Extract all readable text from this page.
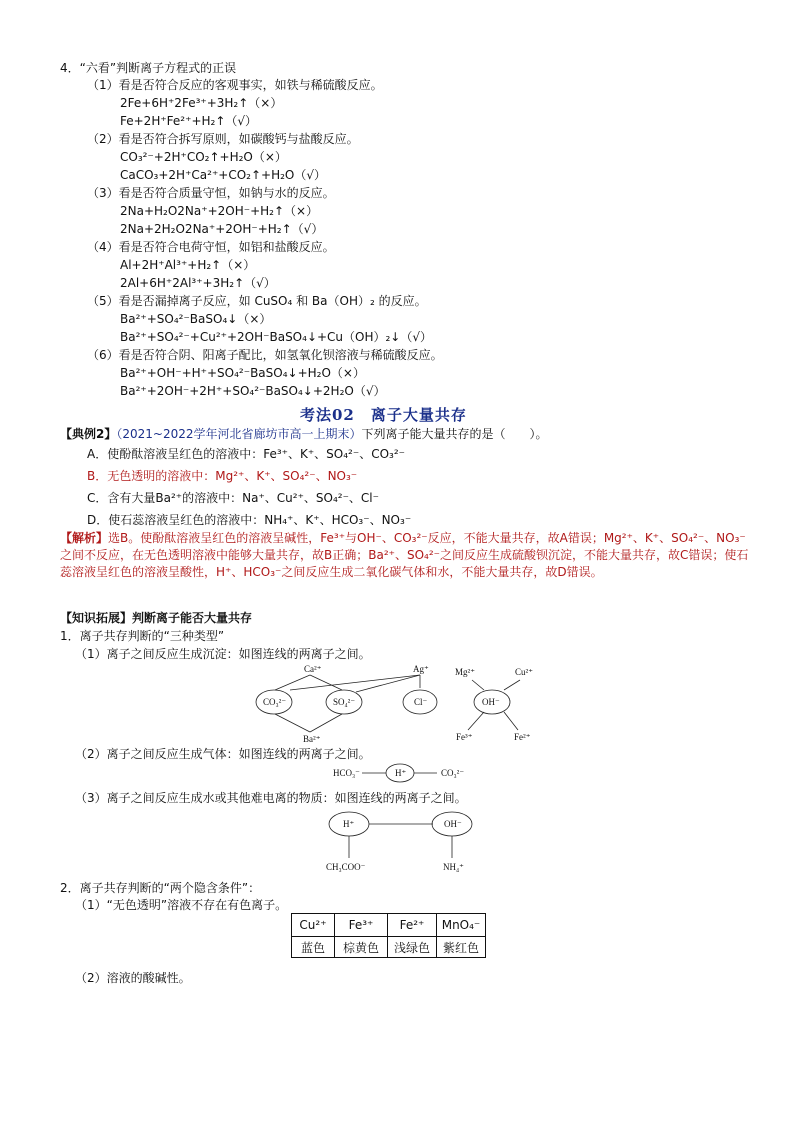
4．“六看”判断离子方程式的正误
（1）看是否符合反应的客观事实，如铁与稀硫酸反应。
2Fe+6H⁺2Fe³⁺+3H₂↑（×）
Fe+2H⁺Fe²⁺+H₂↑（√）
（2）看是否符合拆写原则，如碳酸钙与盐酸反应。
CO₃²⁻+2H⁺CO₂↑+H₂O（×）
CaCO₃+2H⁺Ca²⁺+CO₂↑+H₂O（√）
（3）看是否符合质量守恒，如钠与水的反应。
2Na+H₂O2Na⁺+2OH⁻+H₂↑（×）
2Na+2H₂O2Na⁺+2OH⁻+H₂↑（√）
（4）看是否符合电荷守恒，如铝和盐酸反应。
Al+2H⁺Al³⁺+H₂↑（×）
2Al+6H⁺2Al³⁺+3H₂↑（√）
（5）看是否漏掉离子反应，如 CuSO₄ 和 Ba（OH）₂ 的反应。
Ba²⁺+SO₄²⁻BaSO₄↓（×）
Ba²⁺+SO₄²⁻+Cu²⁺+2OH⁻BaSO₄↓+Cu（OH）₂↓（√）
（6）看是否符合阴、阳离子配比，如氢氧化钡溶液与稀硫酸反应。
Ba²⁺+OH⁻+H⁺+SO₄²⁻BaSO₄↓+H₂O（×）
Ba²⁺+2OH⁻+2H⁺+SO₄²⁻BaSO₄↓+2H₂O（√）
考法02　离子大量共存
【典例2】（2021~2022学年河北省廊坊市高一上期末）下列离子能大量共存的是（　　）。
A．使酚酞溶液呈红色的溶液中：Fe³⁺、K⁺、SO₄²⁻、CO₃²⁻
B．无色透明的溶液中：Mg²⁺、K⁺、SO₄²⁻、NO₃⁻
C．含有大量Ba²⁺的溶液中：Na⁺、Cu²⁺、SO₄²⁻、Cl⁻
D．使石蕊溶液呈红色的溶液中：NH₄⁺、K⁺、HCO₃⁻、NO₃⁻
【解析】选B。使酚酞溶液呈红色的溶液呈碱性，Fe³⁺与OH⁻、CO₃²⁻反应，不能大量共存，故A错误；Mg²⁺、K⁺、SO₄²⁻、NO₃⁻之间不反应，在无色透明溶液中能够大量共存，故B正确；Ba²⁺、SO₄²⁻之间反应生成硫酸钡沉淀，不能大量共存，故C错误；使石蕊溶液呈红色的溶液呈酸性，H⁺、HCO₃⁻之间反应生成二氧化碳气体和水，不能大量共存，故D错误。
【知识拓展】判断离子能否大量共存
1．离子共存判断的“三种类型”
（1）离子之间反应生成沉淀：如图连线的两离子之间。
（2）离子之间反应生成气体：如图连线的两离子之间。
（3）离子之间反应生成水或其他难电离的物质：如图连线的两离子之间。
2．离子共存判断的“两个隐含条件”：
（1）“无色透明”溶液不存在有色离子。
（2）溶液的酸碱性。
Ca²⁺
CO₃²⁻	SO₄²⁻
Ba²⁺
Ag⁺
Cl⁻
Mg²⁺	Cu²⁺
OH⁻
Fe³⁺	Fe²⁺
HCO₃⁻	H⁺	CO₃²⁻
H⁺	OH⁻
CH₃COO⁻	NH₄⁺
Cu²⁺	Fe³⁺	Fe²⁺	MnO₄⁻
蓝色	棕黄色	浅绿色	紫红色
